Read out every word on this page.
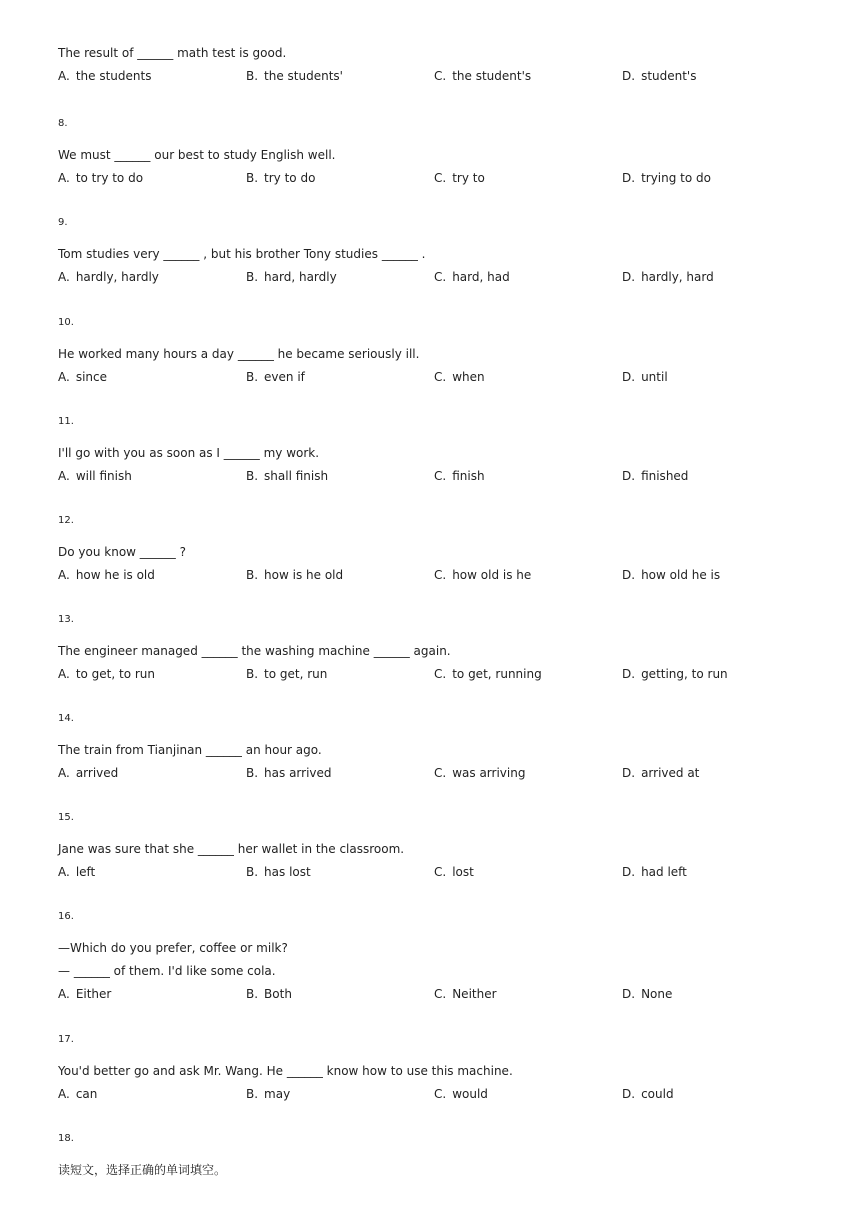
The result of ______ math test is good.
A. the students	B. the students'	C. the student's	D. student's
8.
We must ______ our best to study English well.
A. to try to do	B. try to do	C. try to	D. trying to do
9.
Tom studies very ______ , but his brother Tony studies ______ .
A. hardly, hardly	B. hard, hardly	C. hard, had	D. hardly, hard
10.
He worked many hours a day ______ he became seriously ill.
A. since	B. even if	C. when	D. until
11.
I'll go with you as soon as I ______ my work.
A. will finish	B. shall finish	C. finish	D. finished
12.
Do you know ______ ?
A. how he is old	B. how is he old	C. how old is he	D. how old he is
13.
The engineer managed ______ the washing machine ______ again.
A. to get, to run	B. to get, run	C. to get, running	D. getting, to run
14.
The train from Tianjinan ______ an hour ago.
A. arrived	B. has arrived	C. was arriving	D. arrived at
15.
Jane was sure that she ______ her wallet in the classroom.
A. left	B. has lost	C. lost	D. had left
16.
—Which do you prefer, coffee or milk?
— ______ of them. I'd like some cola.
A. Either	B. Both	C. Neither	D. None
17.
You'd better go and ask Mr. Wang. He ______ know how to use this machine.
A. can	B. may	C. would	D. could
18.
读短文，选择正确的单词填空。
